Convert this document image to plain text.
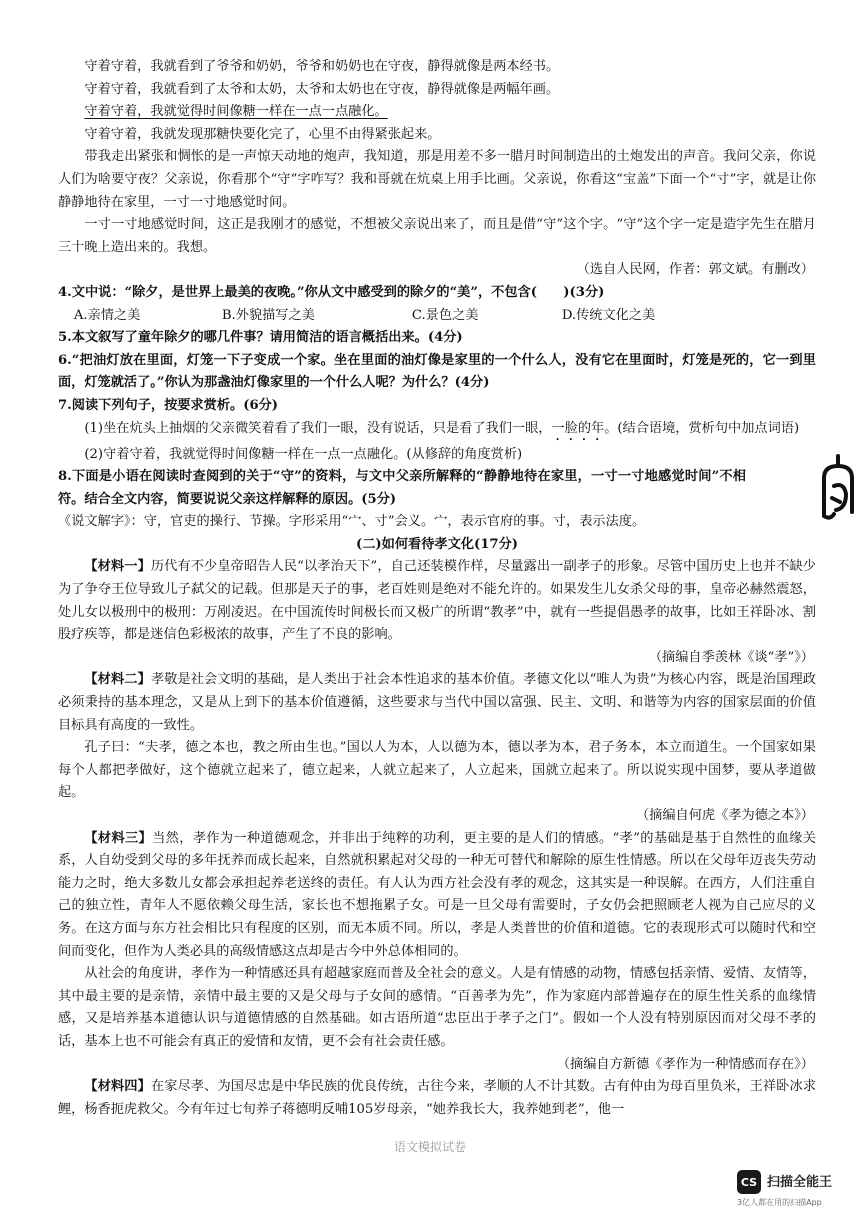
守着守着，我就看到了爷爷和奶奶，爷爷和奶奶也在守夜，静得就像是两本经书。

守着守着，我就看到了太爷和太奶，太爷和太奶也在守夜，静得就像是两幅年画。

守着守着，我就觉得时间像糖一样在一点一点融化。

守着守着，我就发现那糖快要化完了，心里不由得紧张起来。

带我走出紧张和惆怅的是一声惊天动地的炮声，我知道，那是用差不多一腊月时间制造出的土炮发出的声音。我问父亲，你说人们为啥要守夜？父亲说，你看那个“守”字咋写？我和哥就在炕桌上用手比画。父亲说，你看这“宝盖”下面一个“寸”字，就是让你静静地待在家里，一寸一寸地感觉时间。

一寸一寸地感觉时间，这正是我刚才的感觉，不想被父亲说出来了，而且是借“守”这个字。“守”这个字一定是造字先生在腊月三十晚上造出来的。我想。

（选自人民网，作者：郭文斌。有删改）

4.文中说：“除夕，是世界上最美的夜晚。”你从文中感受到的除夕的“美”，不包含(　　)(3分)

A.亲情之美	B.外貌描写之美	C.景色之美	D.传统文化之美

5.本文叙写了童年除夕的哪几件事？请用简洁的语言概括出来。(4分)

6.“把油灯放在里面，灯笼一下子变成一个家。坐在里面的油灯像是家里的一个什么人，没有它在里面时，灯笼是死的，它一到里面，灯笼就活了。”你认为那盏油灯像家里的一个什么人呢？为什么？(4分)

7.阅读下列句子，按要求赏析。(6分)

(1)坐在炕头上抽烟的父亲微笑着看了我们一眼，没有说话，只是看了我们一眼，一脸的年。(结合语境，赏析句中加点词语)

(2)守着守着，我就觉得时间像糖一样在一点一点融化。(从修辞的角度赏析)

8.下面是小语在阅读时查阅到的关于“守”的资料，与文中父亲所解释的“静静地待在家里，一寸一寸地感觉时间”不相符。结合全文内容，简要说说父亲这样解释的原因。(5分)

《说文解字》：守，官吏的操行、节操。字形采用“宀、寸”会义。宀，表示官府的事。寸，表示法度。

(二)如何看待孝文化(17分)

【材料一】历代有不少皇帝昭告人民“以孝治天下”，自己还装模作样，尽量露出一副孝子的形象。尽管中国历史上也并不缺少为了争夺王位导致儿子弑父的记载。但那是天子的事，老百姓则是绝对不能允许的。如果发生儿女杀父母的事，皇帝必赫然震怒，处儿女以极刑中的极刑：万剐凌迟。在中国流传时间极长而又极广的所谓“教孝”中，就有一些提倡愚孝的故事，比如王祥卧冰、割股疗疾等，都是迷信色彩极浓的故事，产生了不良的影响。

（摘编自季羡林《谈“孝”》）

【材料二】孝敬是社会文明的基础，是人类出于社会本性追求的基本价值。孝德文化以“唯人为贵”为核心内容，既是治国理政必须秉持的基本理念，又是从上到下的基本价值遵循，这些要求与当代中国以富强、民主、文明、和谐等为内容的国家层面的价值目标具有高度的一致性。

孔子曰：“夫孝，德之本也，教之所由生也。”国以人为本，人以德为本，德以孝为本，君子务本，本立而道生。一个国家如果每个人都把孝做好，这个德就立起来了，德立起来，人就立起来了，人立起来，国就立起来了。所以说实现中国梦，要从孝道做起。

（摘编自何虎《孝为德之本》）

【材料三】当然，孝作为一种道德观念，并非出于纯粹的功利，更主要的是人们的情感。“孝”的基础是基于自然性的血缘关系，人自幼受到父母的多年抚养而成长起来，自然就积累起对父母的一种无可替代和解除的原生性情感。所以在父母年迈丧失劳动能力之时，绝大多数儿女都会承担起养老送终的责任。有人认为西方社会没有孝的观念，这其实是一种误解。在西方，人们注重自己的独立性，青年人不愿依赖父母生活，家长也不想拖累子女。可是一旦父母有需要时，子女仍会把照顾老人视为自己应尽的义务。在这方面与东方社会相比只有程度的区别，而无本质不同。所以，孝是人类普世的价值和道德。它的表现形式可以随时代和空间而变化，但作为人类必具的高级情感这点却是古今中外总体相同的。

从社会的角度讲，孝作为一种情感还具有超越家庭而普及全社会的意义。人是有情感的动物，情感包括亲情、爱情、友情等，其中最主要的是亲情，亲情中最主要的又是父母与子女间的感情。“百善孝为先”，作为家庭内部普遍存在的原生性关系的血缘情感，又是培养基本道德认识与道德情感的自然基础。如古语所道“忠臣出于孝子之门”。假如一个人没有特别原因而对父母不孝的话，基本上也不可能会有真正的爱情和友情，更不会有社会责任感。

（摘编自方新德《孝作为一种情感而存在》）

【材料四】在家尽孝、为国尽忠是中华民族的优良传统，古往今来，孝顺的人不计其数。古有仲由为母百里负米，王祥卧冰求鲤，杨香扼虎救父。今有年过七旬养子蒋德明反哺105岁母亲，“她养我长大，我养她到老”，他一

语文模拟试卷
CS 扫描全能王
3亿人都在用的扫描App
